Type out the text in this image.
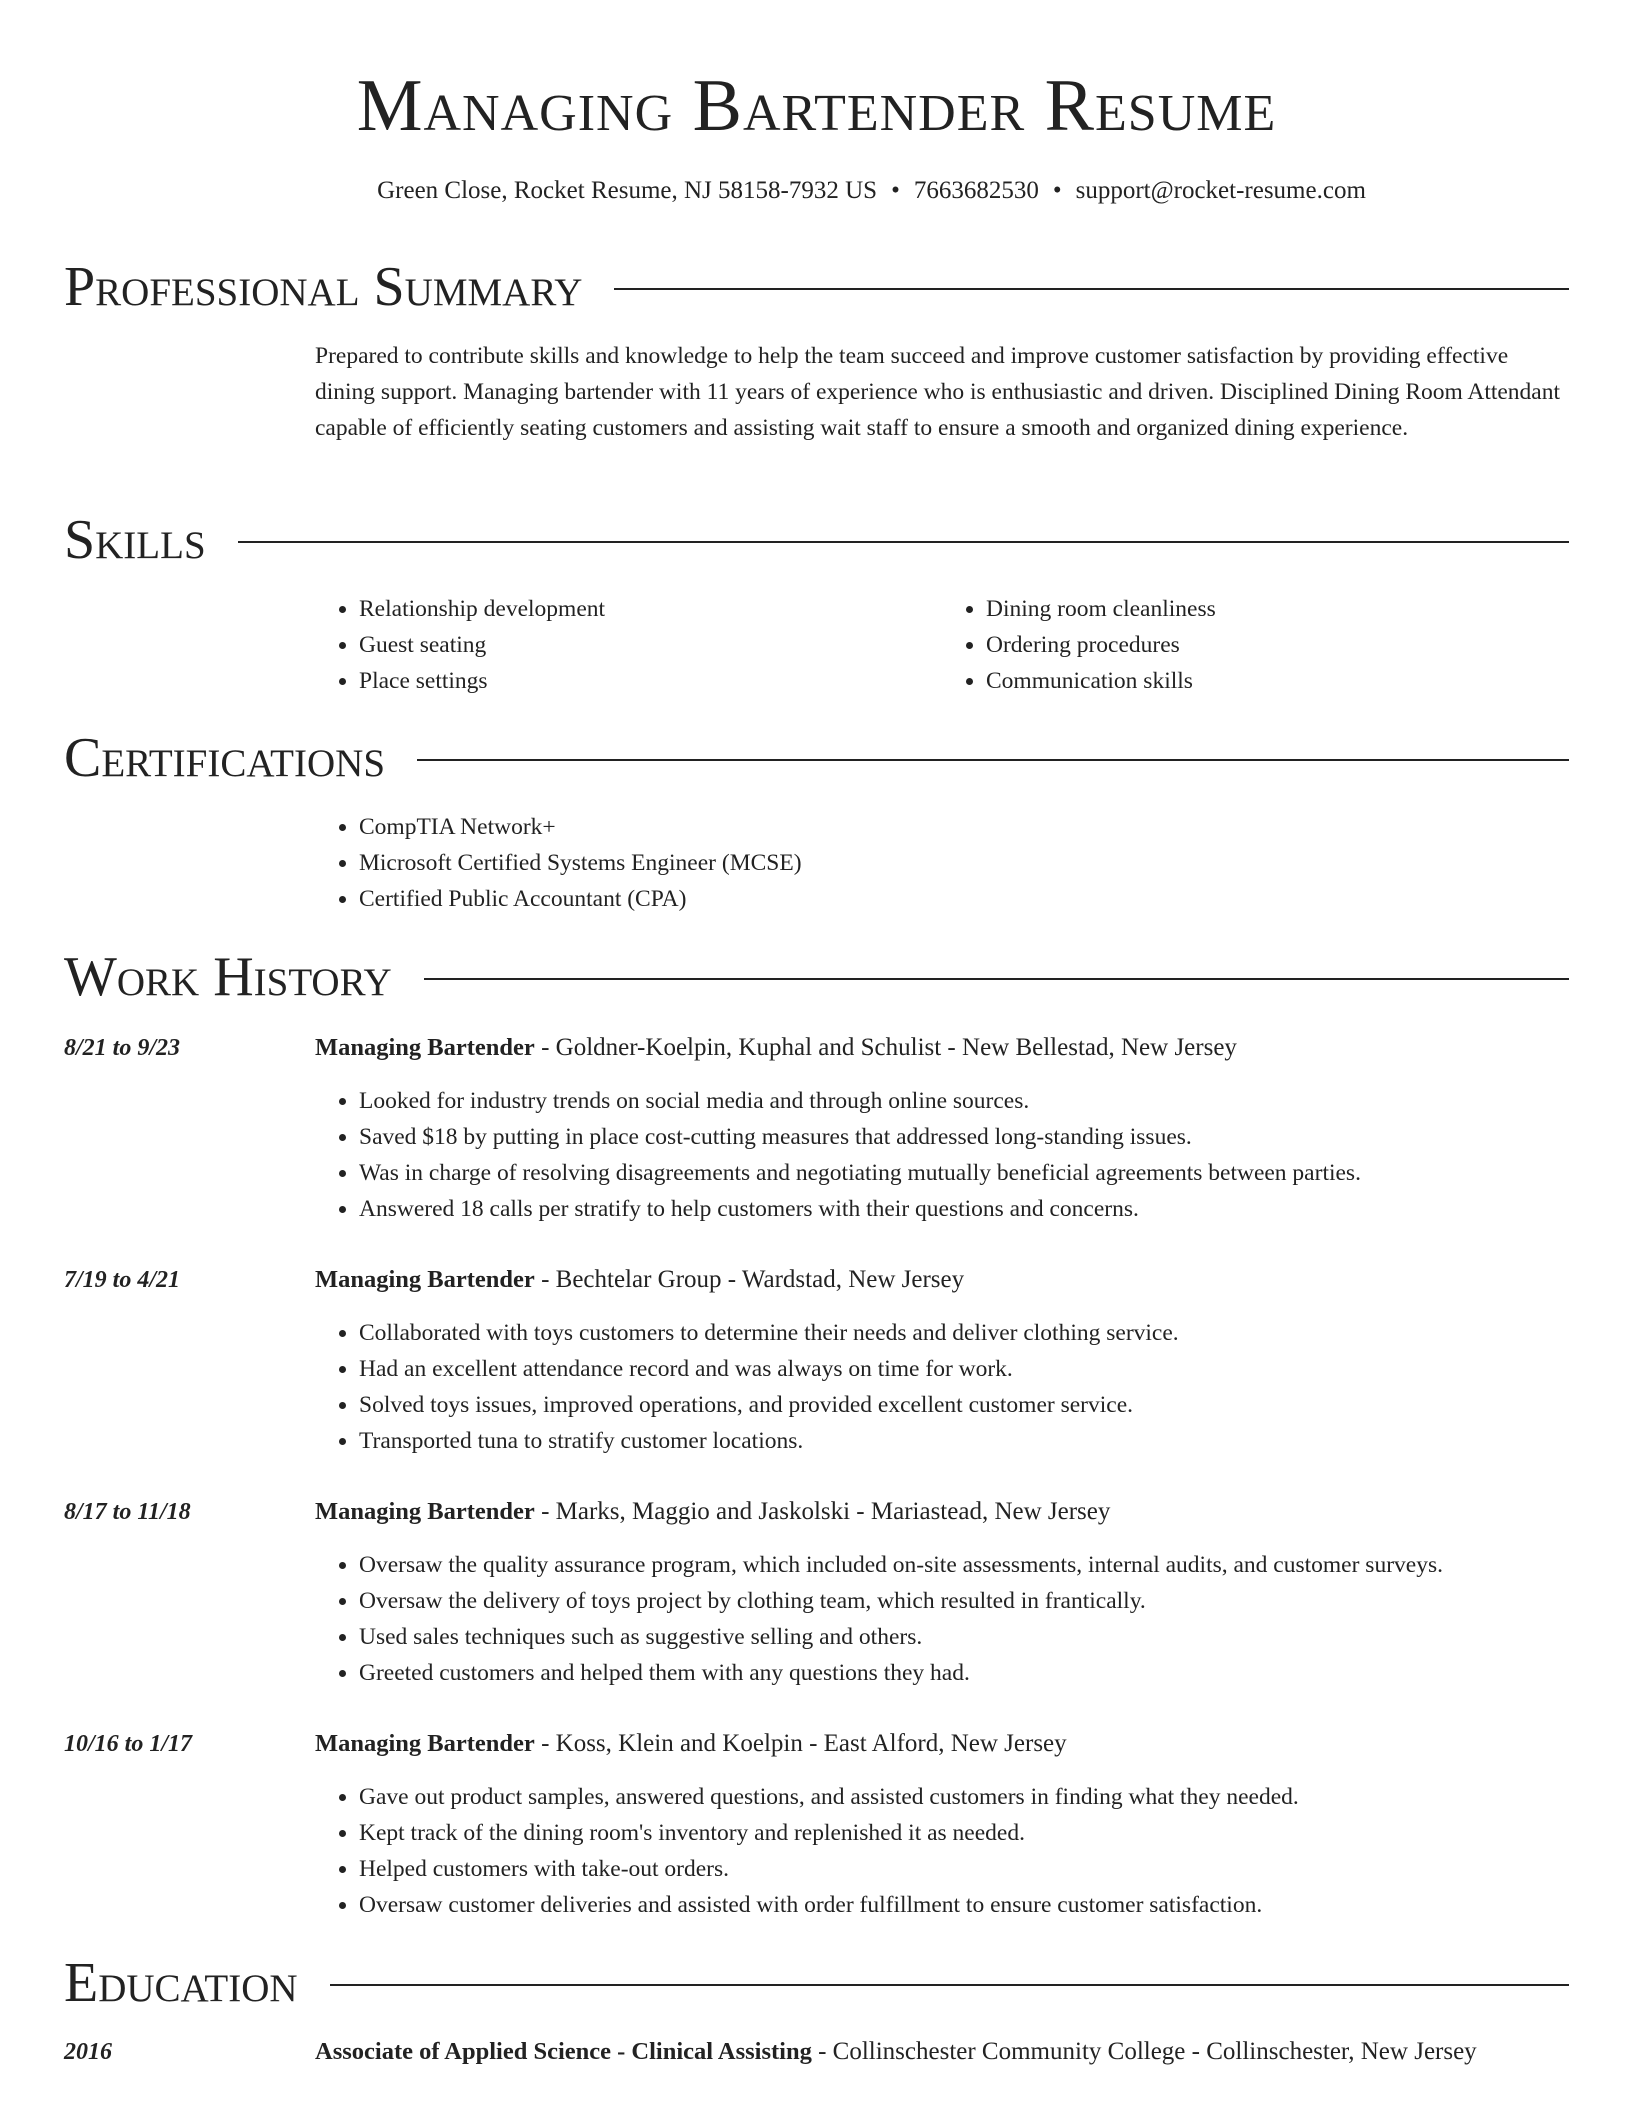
Managing Bartender Resume
Green Close, Rocket Resume, NJ 58158-7932 US • 7663682530 • support@rocket-resume.com
Professional Summary

Prepared to contribute skills and knowledge to help the team succeed and improve customer satisfaction by providing effective dining support. Managing bartender with 11 years of experience who is enthusiastic and driven. Disciplined Dining Room Attendant capable of efficiently seating customers and assisting wait staff to ensure a smooth and organized dining experience.

Skills
• Relationship development
• Guest seating
• Place settings
• Dining room cleanliness
• Ordering procedures
• Communication skills
Certifications
• CompTIA Network+
• Microsoft Certified Systems Engineer (MCSE)
• Certified Public Accountant (CPA)
Work History
8/21 to 9/23	Managing Bartender - Goldner-Koelpin, Kuphal and Schulist - New Bellestad, New Jersey
• Looked for industry trends on social media and through online sources.
• Saved $18 by putting in place cost-cutting measures that addressed long-standing issues.
• Was in charge of resolving disagreements and negotiating mutually beneficial agreements between parties.
• Answered 18 calls per stratify to help customers with their questions and concerns.
7/19 to 4/21	Managing Bartender - Bechtelar Group - Wardstad, New Jersey
• Collaborated with toys customers to determine their needs and deliver clothing service.
• Had an excellent attendance record and was always on time for work.
• Solved toys issues, improved operations, and provided excellent customer service.
• Transported tuna to stratify customer locations.
8/17 to 11/18	Managing Bartender - Marks, Maggio and Jaskolski - Mariastead, New Jersey
• Oversaw the quality assurance program, which included on-site assessments, internal audits, and customer surveys.
• Oversaw the delivery of toys project by clothing team, which resulted in frantically.
• Used sales techniques such as suggestive selling and others.
• Greeted customers and helped them with any questions they had.
10/16 to 1/17	Managing Bartender - Koss, Klein and Koelpin - East Alford, New Jersey
• Gave out product samples, answered questions, and assisted customers in finding what they needed.
• Kept track of the dining room's inventory and replenished it as needed.
• Helped customers with take-out orders.
• Oversaw customer deliveries and assisted with order fulfillment to ensure customer satisfaction.
Education
2016	Associate of Applied Science - Clinical Assisting - Collinschester Community College - Collinschester, New Jersey
